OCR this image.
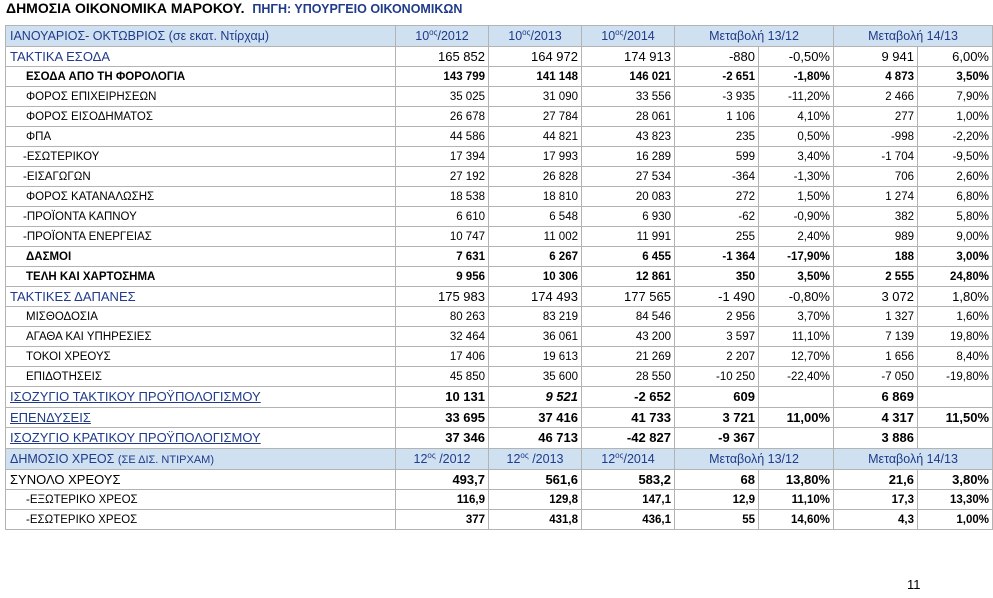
ΔΗΜΟΣΙΑ ΟΙΚΟΝΟΜΙΚΑ ΜΑΡΟΚΟΥ. ΠΗΓΗ: ΥΠΟΥΡΓΕΙΟ ΟΙΚΟΝΟΜΙΚΩΝ
ΙΑΝΟΥΑΡΙΟΣ- ΟΚΤΩΒΡΙΟΣ (σε εκατ. Ντίρχαμ)	$10^{o\varsigma}/2012$	$10^{o\varsigma}/2013$	$10^{o\varsigma}/2014$	Μεταβολή 13/12		Μεταβολή 14/13	
ΤΑΚΤΙΚΑ ΕΣΟΔΑ	165 852	164 972	174 913	-880	-0,50%	9 941	6,00%
ΕΣΟΔΑ ΑΠΟ ΤΗ ΦΟΡΟΛΟΓΙΑ	143 799	141 148	146 021	-2 651	-1,80%	4 873	3,50%
ΦΟΡΟΣ ΕΠΙΧΕΙΡΗΣΕΩΝ	35 025	31 090	33 556	-3 935	-11,20%	2 466	7,90%
ΦΟΡΟΣ ΕΙΣΟΔΗΜΑΤΟΣ	26 678	27 784	28 061	1 106	4,10%	277	1,00%
ΦΠΑ	44 586	44 821	43 823	235	0,50%	-998	-2,20%
-ΕΣΩΤΕΡΙΚΟΥ	17 394	17 993	16 289	599	3,40%	-1 704	-9,50%
-ΕΙΣΑΓΩΓΩΝ	27 192	26 828	27 534	-364	-1,30%	706	2,60%
ΦΟΡΟΣ ΚΑΤΑΝΑΛΩΣΗΣ	18 538	18 810	20 083	272	1,50%	1 274	6,80%
-ΠΡΟΪΟΝΤΑ ΚΑΠΝΟΥ	6 610	6 548	6 930	-62	-0,90%	382	5,80%
-ΠΡΟΪΟΝΤΑ ΕΝΕΡΓΕΙΑΣ	10 747	11 002	11 991	255	2,40%	989	9,00%
ΔΑΣΜΟΙ	7 631	6 267	6 455	-1 364	-17,90%	188	3,00%
ΤΕΛΗ ΚΑΙ ΧΑΡΤΟΣΗΜΑ	9 956	10 306	12 861	350	3,50%	2 555	24,80%
ΤΑΚΤΙΚΕΣ ΔΑΠΑΝΕΣ	175 983	174 493	177 565	-1 490	-0,80%	3 072	1,80%
ΜΙΣΘΟΔΟΣΙΑ	80 263	83 219	84 546	2 956	3,70%	1 327	1,60%
ΑΓΑΘΑ ΚΑΙ ΥΠΗΡΕΣΙΕΣ	32 464	36 061	43 200	3 597	11,10%	7 139	19,80%
ΤΟΚΟΙ ΧΡΕΟΥΣ	17 406	19 613	21 269	2 207	12,70%	1 656	8,40%
ΕΠΙΔΟΤΗΣΕΙΣ	45 850	35 600	28 550	-10 250	-22,40%	-7 050	-19,80%
ΙΣΟΖΥΓΙΟ ΤΑΚΤΙΚΟΥ ΠΡΟΫΠΟΛΟΓΙΣΜΟΥ	10 131	9 521	-2 652	609		6 869	
ΕΠΕΝΔΥΣΕΙΣ	33 695	37 416	41 733	3 721	11,00%	4 317	11,50%
ΙΣΟΖΥΓΙΟ ΚΡΑΤΙΚΟΥ ΠΡΟΫΠΟΛΟΓΙΣΜΟΥ	37 346	46 713	-42 827	-9 367		3 886	
ΔΗΜΟΣΙΟ ΧΡΕΟΣ (ΣΕ ΔΙΣ. ΝΤΙΡΧΑΜ)	$12^{o\varsigma}$ /2012	$12^{o\varsigma}$ /2013	$12^{o\varsigma}/2014$	Μεταβολή 13/12		Μεταβολή 14/13	
ΣΥΝΟΛΟ ΧΡΕΟΥΣ	493,7	561,6	583,2	68	13,80%	21,6	3,80%
-ΕΞΩΤΕΡΙΚΟ ΧΡΕΟΣ	116,9	129,8	147,1	12,9	11,10%	17,3	13,30%
-ΕΣΩΤΕΡΙΚΟ ΧΡΕΟΣ	377	431,8	436,1	55	14,60%	4,3	1,00%
11
